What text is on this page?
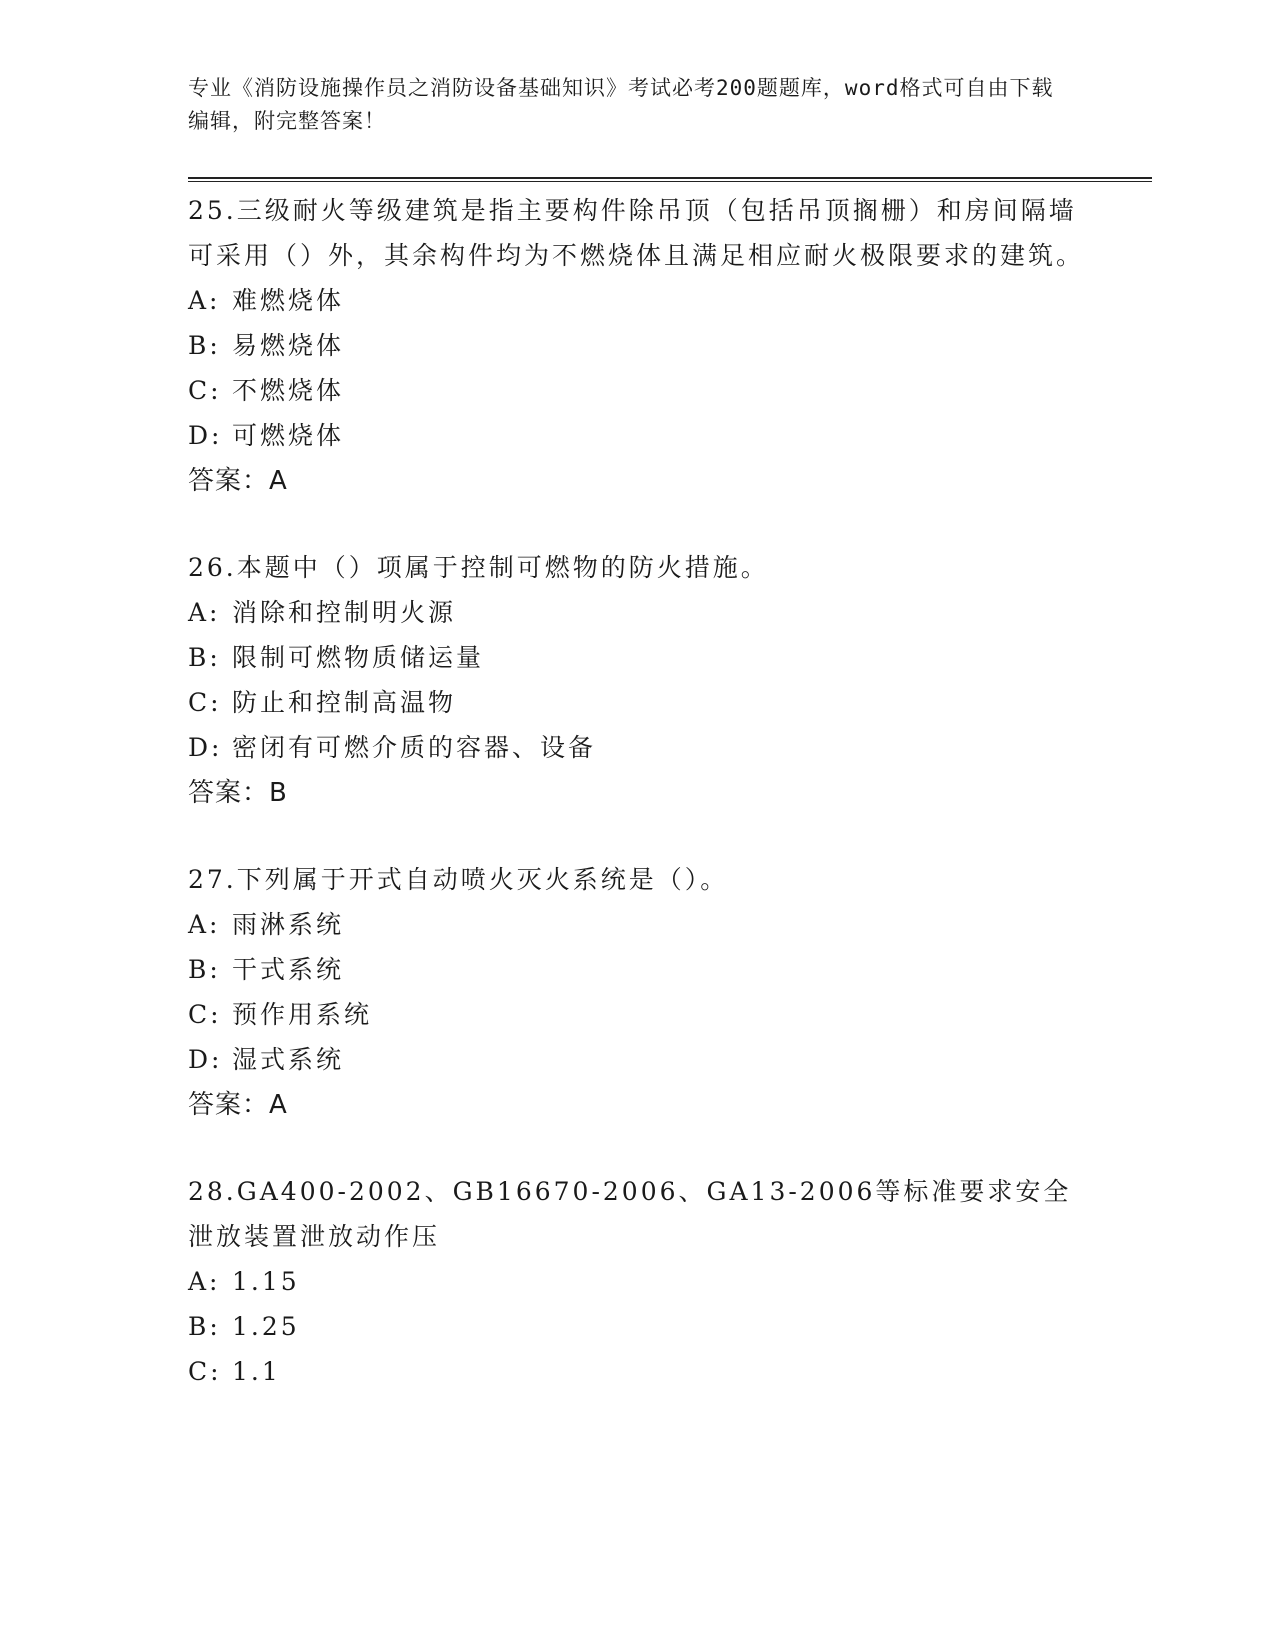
专业《消防设施操作员之消防设备基础知识》考试必考200题题库，word格式可自由下载编辑，附完整答案！

25.三级耐火等级建筑是指主要构件除吊顶（包括吊顶搁栅）和房间隔墙可采用（）外，其余构件均为不燃烧体且满足相应耐火极限要求的建筑。

A: 难燃烧体

B: 易燃烧体

C: 不燃烧体

D: 可燃烧体

答案：A

26.本题中（）项属于控制可燃物的防火措施。

A: 消除和控制明火源

B: 限制可燃物质储运量

C: 防止和控制高温物

D: 密闭有可燃介质的容器、设备

答案：B

27.下列属于开式自动喷火灭火系统是（）。

A: 雨淋系统

B: 干式系统

C: 预作用系统

D: 湿式系统

答案：A

28.GA400-2002、GB16670-2006、GA13-2006等标准要求安全泄放装置泄放动作压

A: 1.15

B: 1.25

C: 1.1
